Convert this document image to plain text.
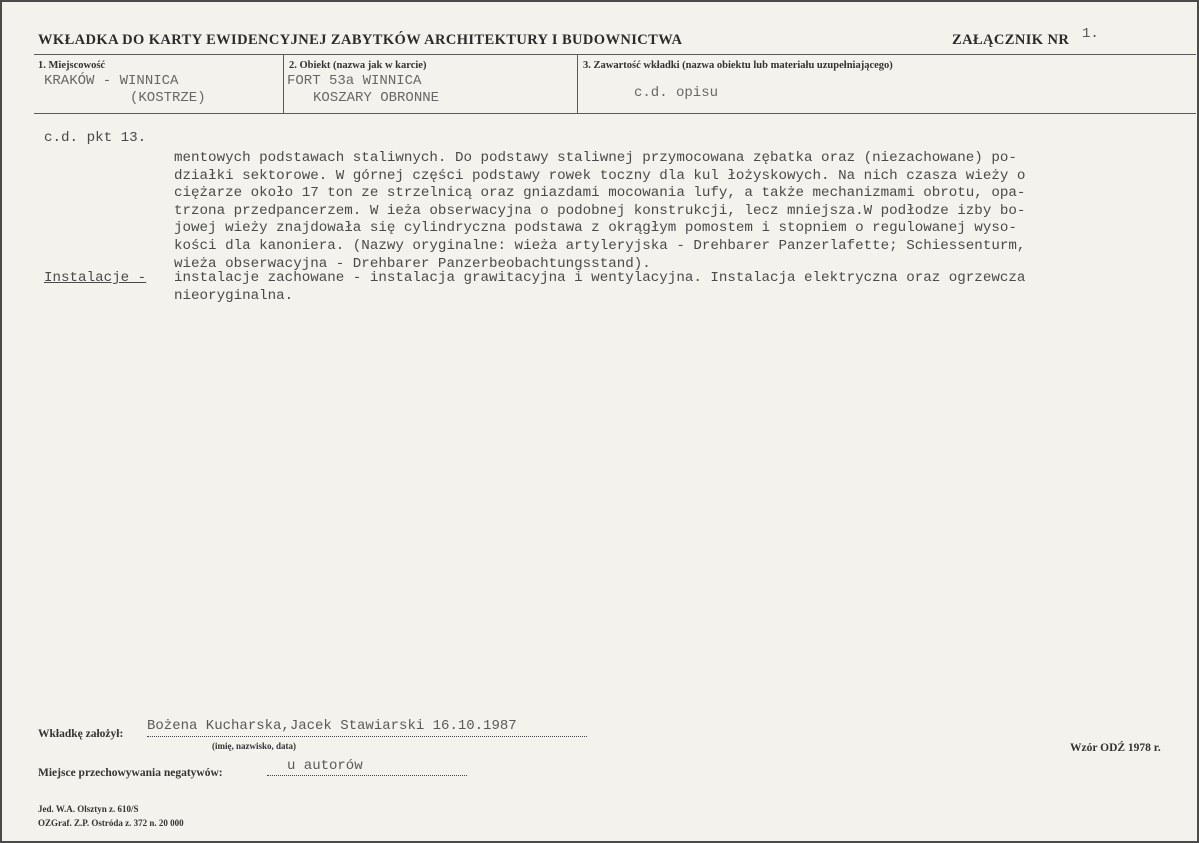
WKŁADKA DO KARTY EWIDENCYJNEJ ZABYTKÓW ARCHITEKTURY I BUDOWNICTWA	ZAŁĄCZNIK NR 1.
1. Miejscowość
KRAKÓW - WINNICA
(KOSTRZE)
2. Obiekt (nazwa jak w karcie)
FORT 53a WINNICA
KOSZARY OBRONNE
3. Zawartość wkładki (nazwa obiektu lub materiału uzupełniającego)
c.d. opisu
c.d. pkt 13.
mentowych podstawach staliwnych. Do podstawy staliwnej przymocowana zębatka oraz (niezachowane) po-
działki sektorowe. W górnej części podstawy rowek toczny dla kul łożyskowych. Na nich czasza wieży o
ciężarze około 17 ton ze strzelnicą oraz gniazdami mocowania lufy, a także mechanizmami obrotu, opa-
trzona przedpancerzem. W ieża obserwacyjna o podobnej konstrukcji, lecz mniejsza.W podłodze izby bo-
jowej wieży znajdowała się cylindryczna podstawa z okrągłym pomostem i stopniem o regulowanej wyso-
kości dla kanoniera. (Nazwy oryginalne: wieża artyleryjska - Drehbarer Panzerlafette; Schiessenturm,
wieża obserwacyjna - Drehbarer Panzerbeobachtungsstand).
Instalacje - instalacje zachowane - instalacja grawitacyjna i wentylacyjna. Instalacja elektryczna oraz ogrzewcza
nieoryginalna.
Wkładkę założył: Bożena Kucharska,Jacek Stawiarski 16.10.1987
(imię, nazwisko, data)	Wzór ODŹ 1978 r.
Miejsce przechowywania negatywów:	u autorów
Jed. W.A. Olsztyn z. 610/S
OZGraf. Z.P. Ostróda z. 372 n. 20 000
